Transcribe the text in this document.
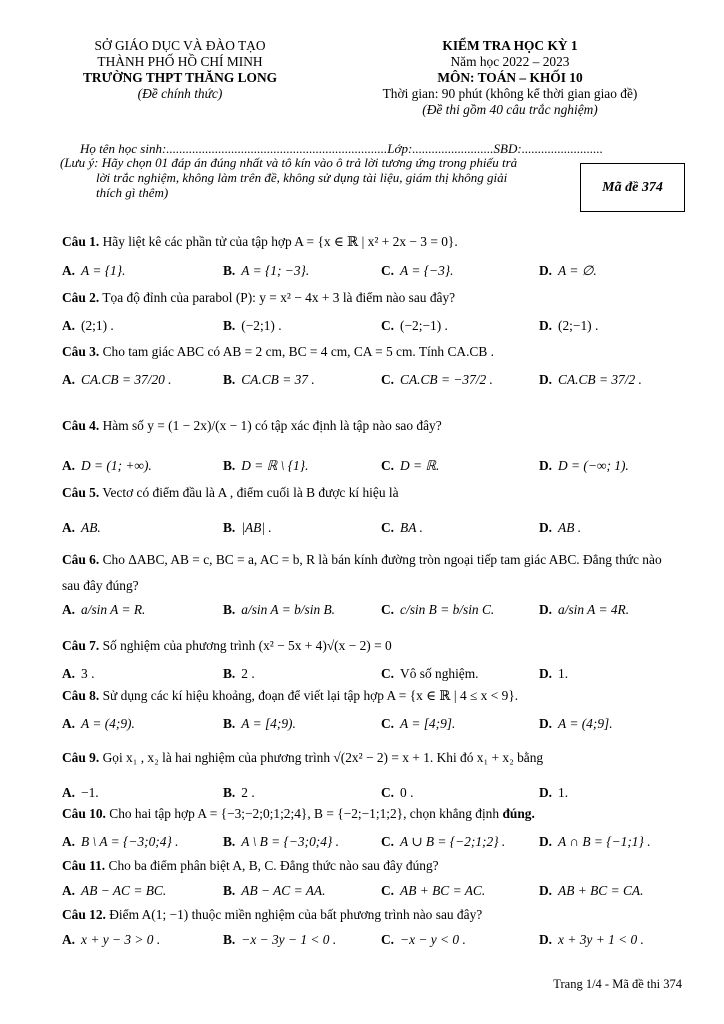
SỞ GIÁO DỤC VÀ ĐÀO TẠO
THÀNH PHỐ HỒ CHÍ MINH
TRƯỜNG THPT THĂNG LONG
(Đề chính thức)
KIỂM TRA HỌC KỲ 1
Năm học 2022 – 2023
MÔN: TOÁN – KHỐI 10
Thời gian: 90 phút (không kể thời gian giao đề)
(Đề thi gồm 40 câu trắc nghiệm)
Họ tên học sinh:....................................................................Lớp:.........................SBD:.........................
(Lưu ý: Hãy chọn 01 đáp án đúng nhất và tô kín vào ô trả lời tương ứng trong phiếu trả
lời trắc nghiệm, không làm trên đề, không sử dụng tài liệu, giám thị không giải
thích gì thêm)	Mã đề 374
Câu 1. Hãy liệt kê các phần tử của tập hợp A = {x ∈ ℝ | x² + 2x − 3 = 0}.
A. A = {1}.	B. A = {1; −3}.	C. A = {−3}.	D. A = ∅.
Câu 2. Tọa độ đỉnh của parabol (P): y = x² − 4x + 3 là điểm nào sau đây?
A. (2;1) .	B. (−2;1) .	C. (−2;−1) .	D. (2;−1) .
Câu 3. Cho tam giác ABC có AB = 2 cm, BC = 4 cm, CA = 5 cm. Tính CA.CB .
A. CA.CB = 37/20 .	B. CA.CB = 37 .	C. CA.CB = −37/2 .	D. CA.CB = 37/2 .
Câu 4. Hàm số y = (1 − 2x)/(x − 1) có tập xác định là tập nào sao đây?
A. D = (1; +∞).	B. D = ℝ \ {1}.	C. D = ℝ.	D. D = (−∞; 1).
Câu 5. Vectơ có điểm đầu là A , điểm cuối là B được kí hiệu là
A. AB.	B. |AB| .	C. BA .	D. AB .
Câu 6. Cho ΔABC, AB = c, BC = a, AC = b, R là bán kính đường tròn ngoại tiếp tam giác ABC. Đẳng thức nào sau đây đúng?
A. a/sin A = R.	B. a/sin A = b/sin B.	C. c/sin B = b/sin C.	D. a/sin A = 4R.
Câu 7. Số nghiệm của phương trình (x² − 5x + 4)√(x − 2) = 0
A. 3 .	B. 2 .	C. Vô số nghiệm.	D. 1.
Câu 8. Sử dụng các kí hiệu khoảng, đoạn để viết lại tập hợp A = {x ∈ ℝ | 4 ≤ x < 9}.
A. A = (4;9).	B. A = [4;9).	C. A = [4;9].	D. A = (4;9].
Câu 9. Gọi x₁ , x₂ là hai nghiệm của phương trình √(2x² − 2) = x + 1. Khi đó x₁ + x₂ bằng
A. −1.	B. 2 .	C. 0 .	D. 1.
Câu 10. Cho hai tập hợp A = {−3;−2;0;1;2;4}, B = {−2;−1;1;2}, chọn khẳng định đúng.
A. B \ A = {−3;0;4} .	B. A \ B = {−3;0;4} .	C. A ∪ B = {−2;1;2} .	D. A ∩ B = {−1;1} .
Câu 11. Cho ba điểm phân biệt A, B, C. Đẳng thức nào sau đây đúng?
A. AB − AC = BC.	B. AB − AC = AA.	C. AB + BC = AC.	D. AB + BC = CA.
Câu 12. Điểm A(1; −1) thuộc miền nghiệm của bất phương trình nào sau đây?
A. x + y − 3 > 0 .	B. −x − 3y − 1 < 0 .	C. −x − y < 0 .	D. x + 3y + 1 < 0 .
Trang 1/4 - Mã đề thi 374
